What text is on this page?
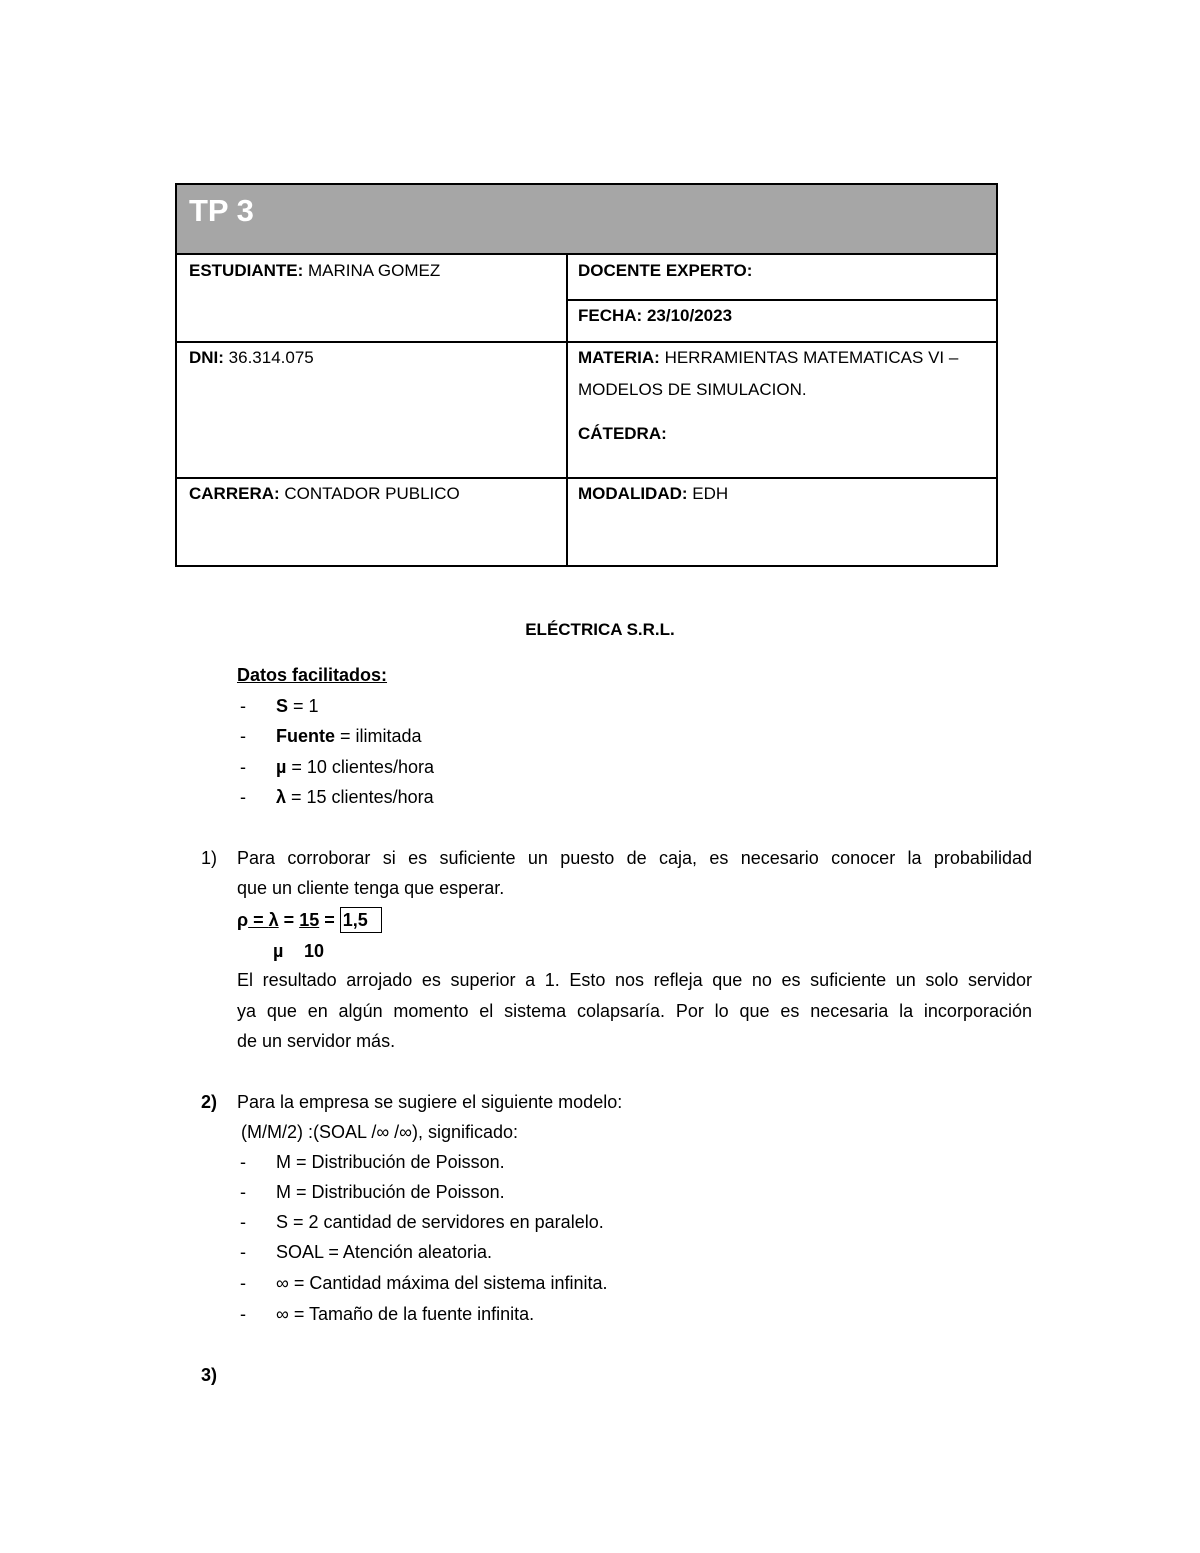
TP 3
ESTUDIANTE: MARINA GOMEZ	DOCENTE EXPERTO:
FECHA: 23/10/2023
DNI: 36.314.075	MATERIA: HERRAMIENTAS MATEMATICAS VI –
MODELOS DE SIMULACION.
CÁTEDRA:
CARRERA: CONTADOR PUBLICO	MODALIDAD: EDH
ELÉCTRICA S.R.L.
Datos facilitados:
- S = 1
- Fuente = ilimitada
- µ = 10 clientes/hora
- λ = 15 clientes/hora
1) Para corroborar si es suficiente un puesto de caja, es necesario conocer la probabilidad
que un cliente tenga que esperar.
ρ = λ = 15 = 1,5
µ 10
El resultado arrojado es superior a 1. Esto nos refleja que no es suficiente un solo servidor
ya que en algún momento el sistema colapsaría. Por lo que es necesaria la incorporación
de un servidor más.
2) Para la empresa se sugiere el siguiente modelo:
(M/M/2) :(SOAL /∞ /∞), significado:
- M = Distribución de Poisson.
- M = Distribución de Poisson.
- S = 2 cantidad de servidores en paralelo.
- SOAL = Atención aleatoria.
- ∞ = Cantidad máxima del sistema infinita.
- ∞ = Tamaño de la fuente infinita.
3)
